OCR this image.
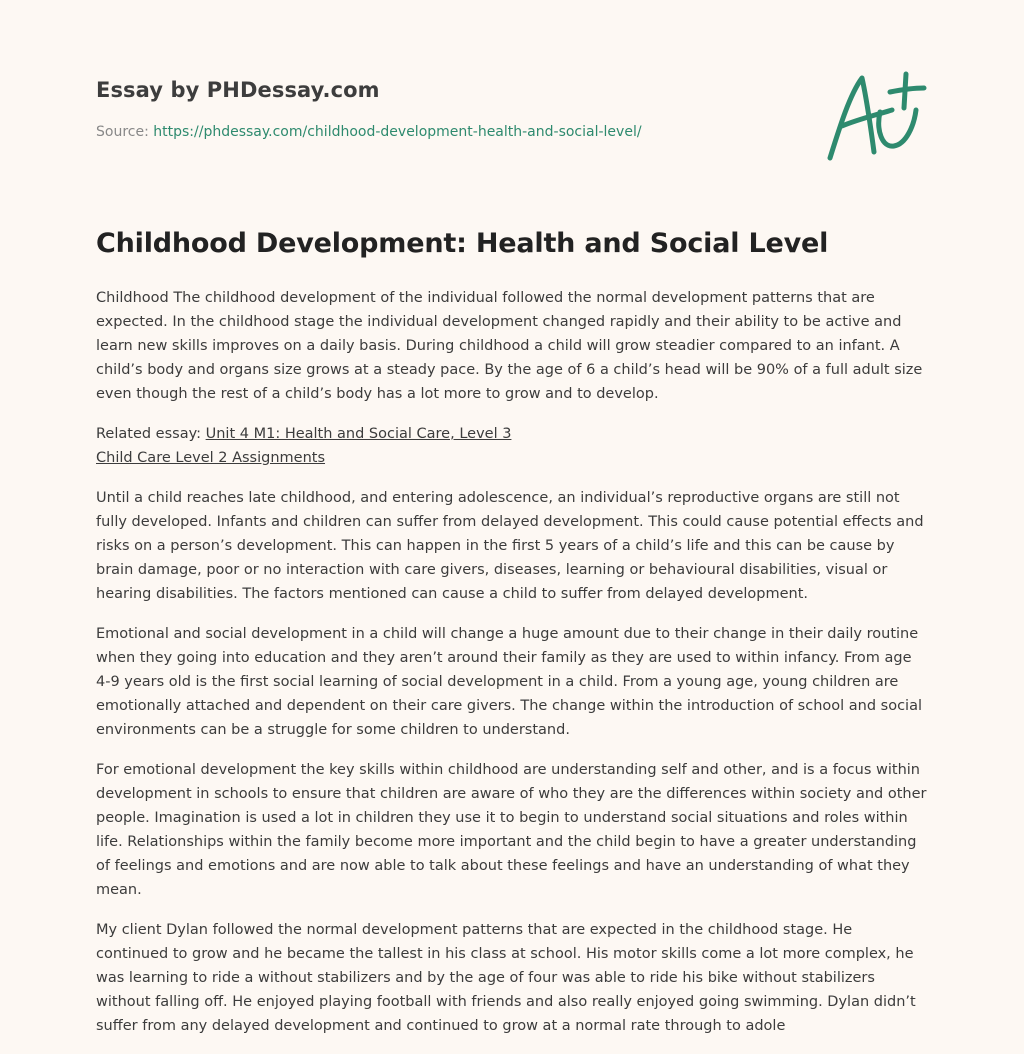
Essay by PHDessay.com
Source: https://phdessay.com/childhood-development-health-and-social-level/
Childhood Development: Health and Social Level

Childhood The childhood development of the individual followed the normal development patterns that are expected. In the childhood stage the individual development changed rapidly and their ability to be active and learn new skills improves on a daily basis. During childhood a child will grow steadier compared to an infant. A child’s body and organs size grows at a steady pace. By the age of 6 a child’s head will be 90% of a full adult size even though the rest of a child’s body has a lot more to grow and to develop.

Related essay: Unit 4 M1: Health and Social Care, Level 3
Child Care Level 2 Assignments

Until a child reaches late childhood, and entering adolescence, an individual’s reproductive organs are still not fully developed. Infants and children can suffer from delayed development. This could cause potential effects and risks on a person’s development. This can happen in the first 5 years of a child’s life and this can be cause by brain damage, poor or no interaction with care givers, diseases, learning or behavioural disabilities, visual or hearing disabilities. The factors mentioned can cause a child to suffer from delayed development.

Emotional and social development in a child will change a huge amount due to their change in their daily routine when they going into education and they aren’t around their family as they are used to within infancy. From age 4-9 years old is the first social learning of social development in a child. From a young age, young children are emotionally attached and dependent on their care givers. The change within the introduction of school and social environments can be a struggle for some children to understand.

For emotional development the key skills within childhood are understanding self and other, and is a focus within development in schools to ensure that children are aware of who they are the differences within society and other people. Imagination is used a lot in children they use it to begin to understand social situations and roles within life. Relationships within the family become more important and the child begin to have a greater understanding of feelings and emotions and are now able to talk about these feelings and have an understanding of what they mean.

My client Dylan followed the normal development patterns that are expected in the childhood stage. He continued to grow and he became the tallest in his class at school. His motor skills come a lot more complex, he was learning to ride a without stabilizers and by the age of four was able to ride his bike without stabilizers without falling off. He enjoyed playing football with friends and also really enjoyed going swimming. Dylan didn’t suffer from any delayed development and continued to grow at a normal rate through to adole
